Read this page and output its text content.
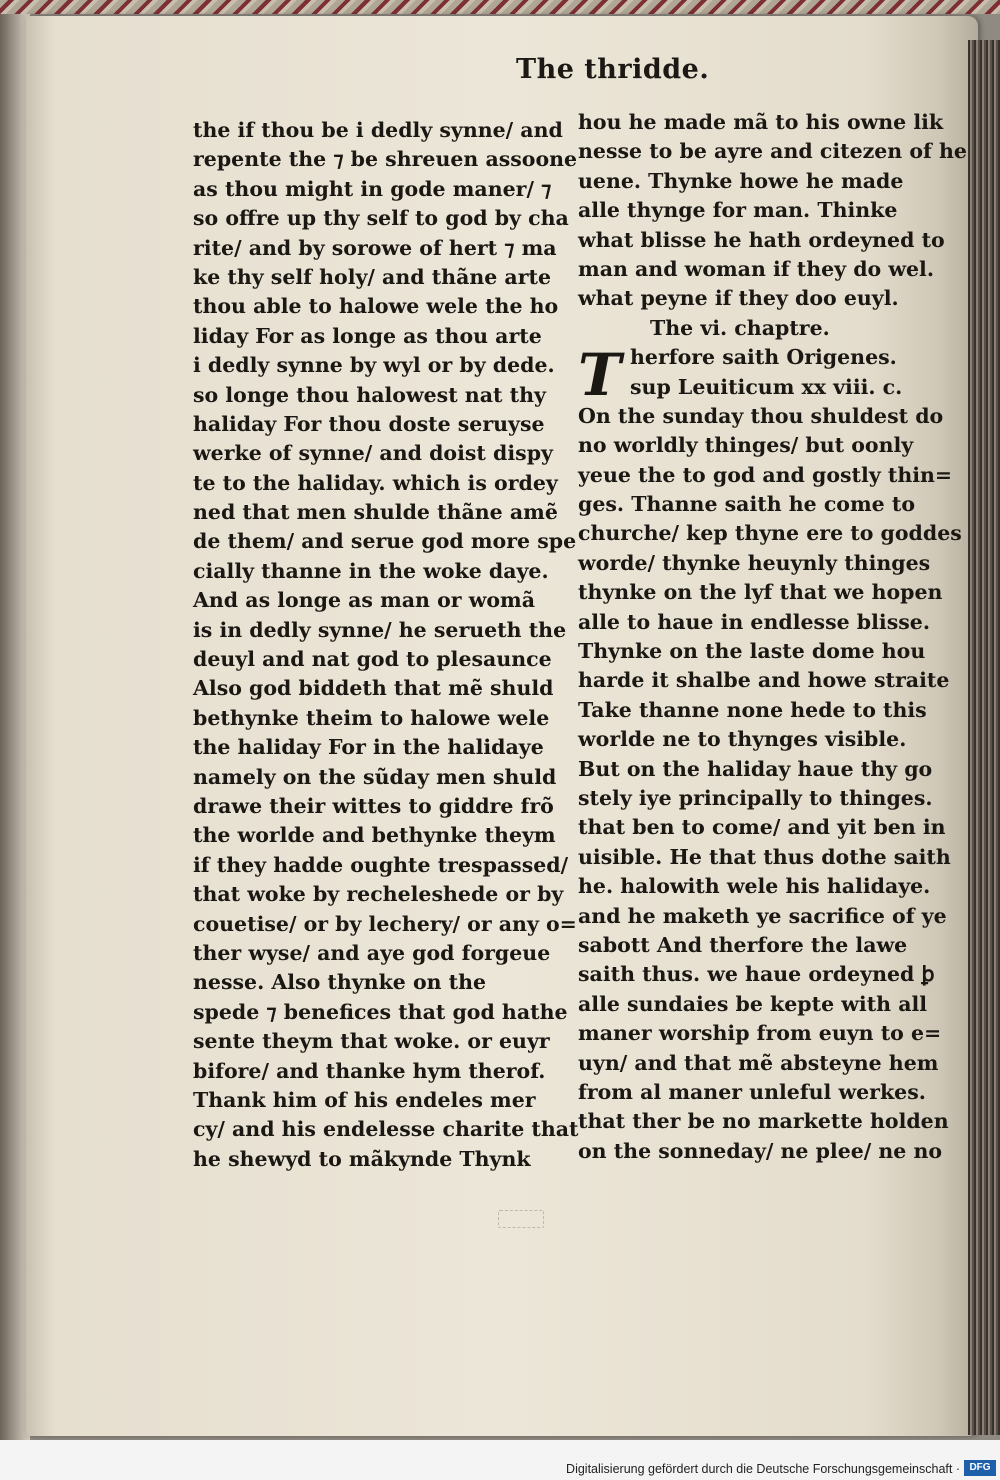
The thridde.
the if thou be i dedly synne/ and
repente the ⁊ be shreuen assoone
as thou might in gode maner/ ⁊
so offre up thy self to god by cha
rite/ and by sorowe of hert ⁊ ma
ke thy self holy/ and thãne arte
thou able to halowe wele the ho
liday For as longe as thou arte
i dedly synne by wyl or by dede.
so longe thou halowest nat thy
haliday For thou doste seruyse
werke of synne/ and doist dispy
te to the haliday. which is ordey
ned that men shulde thãne amẽ
de them/ and serue god more spe
cially thanne in the woke daye.
And as longe as man or womã
is in dedly synne/ he serueth the
deuyl and nat god to plesaunce
Also god biddeth that mẽ shuld
bethynke theim to halowe wele
the haliday For in the halidaye
namely on the sũday men shuld
drawe their wittes to giddre frõ
the worlde and bethynke theym
if they hadde oughte trespassed/
that woke by recheleshede or by
couetise/ or by lechery/ or any o=
ther wyse/ and aye god forgeue
nesse. Also thynke on the
spede ⁊ benefices that god hathe
sente theym that woke. or euyr
bifore/ and thanke hym therof.
Thank him of his endeles mer
cy/ and his endelesse charite that
he shewyd to mãkynde Thynk
hou he made mã to his owne lik
nesse to be ayre and citezen of he
uene. Thynke howe he made
alle thynge for man. Thinke
what blisse he hath ordeyned to
man and woman if they do wel.
what peyne if they doo euyl.
The vi. chaptre.
herfore saith Origenes.
sup Leuiticum xx viii. c.
On the sunday thou shuldest do
no worldly thinges/ but oonly
yeue the to god and gostly thin=
ges. Thanne saith he come to
churche/ kep thyne ere to goddes
worde/ thynke heuynly thinges
thynke on the lyf that we hopen
alle to haue in endlesse blisse.
Thynke on the laste dome hou
harde it shalbe and howe straite
Take thanne none hede to this
worlde ne to thynges visible.
But on the haliday haue thy go
stely iye principally to thinges.
that ben to come/ and yit ben in
uisible. He that thus dothe saith
he. halowith wele his halidaye.
and he maketh ye sacrifice of ye
sabott And therfore the lawe
saith thus. we haue ordeyned ꝧ
alle sundaies be kepte with all
maner worship from euyn to e=
uyn/ and that mẽ absteyne hem
from al maner unleful werkes.
that ther be no markette holden
on the sonneday/ ne plee/ ne no
T
Digitalisierung gefördert durch die Deutsche Forschungsgemeinschaft · DFG
